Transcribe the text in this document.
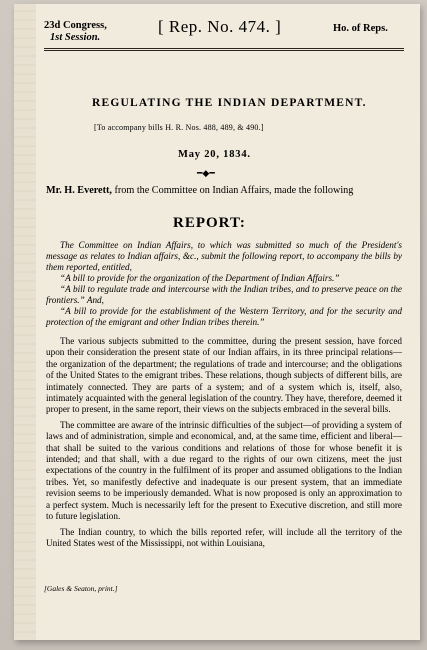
23d Congress,
1st Session.
[ Rep. No. 474. ]	Ho. of Reps.
REGULATING THE INDIAN DEPARTMENT.
[To accompany bills H. R. Nos. 488, 489, & 490.]
May 20, 1834.
━◆━
Mr. H. Everett, from the Committee on Indian Affairs, made the following
REPORT:

The Committee on Indian Affairs, to which was submitted so much of the President's message as relates to Indian affairs, &c., submit the following report, to accompany the bills by them reported, entitled,

“A bill to provide for the organization of the Department of Indian Affairs.”

“A bill to regulate trade and intercourse with the Indian tribes, and to preserve peace on the frontiers.” And,

“A bill to provide for the establishment of the Western Territory, and for the security and protection of the emigrant and other Indian tribes therein.”

The various subjects submitted to the committee, during the present session, have forced upon their consideration the present state of our Indian affairs, in its three principal relations—the organization of the department; the regulations of trade and intercourse; and the obligations of the United States to the emigrant tribes. These relations, though subjects of different bills, are intimately connected. They are parts of a system; and of a system which is, itself, also, intimately acquainted with the general legislation of the country. They have, therefore, deemed it proper to present, in the same report, their views on the subjects embraced in the several bills.

The committee are aware of the intrinsic difficulties of the subject—of providing a system of laws and of administration, simple and economical, and, at the same time, efficient and liberal—that shall be suited to the various conditions and relations of those for whose benefit it is intended; and that shall, with a due regard to the rights of our own citizens, meet the just expectations of the country in the fulfilment of its proper and assumed obligations to the Indian tribes. Yet, so manifestly defective and inadequate is our present system, that an immediate revision seems to be imperiously demanded. What is now proposed is only an approximation to a perfect system. Much is necessarily left for the present to Executive discretion, and still more to future legislation.

The Indian country, to which the bills reported refer, will include all the territory of the United States west of the Mississippi, not within Louisiana,

[Gales & Seaton, print.]
